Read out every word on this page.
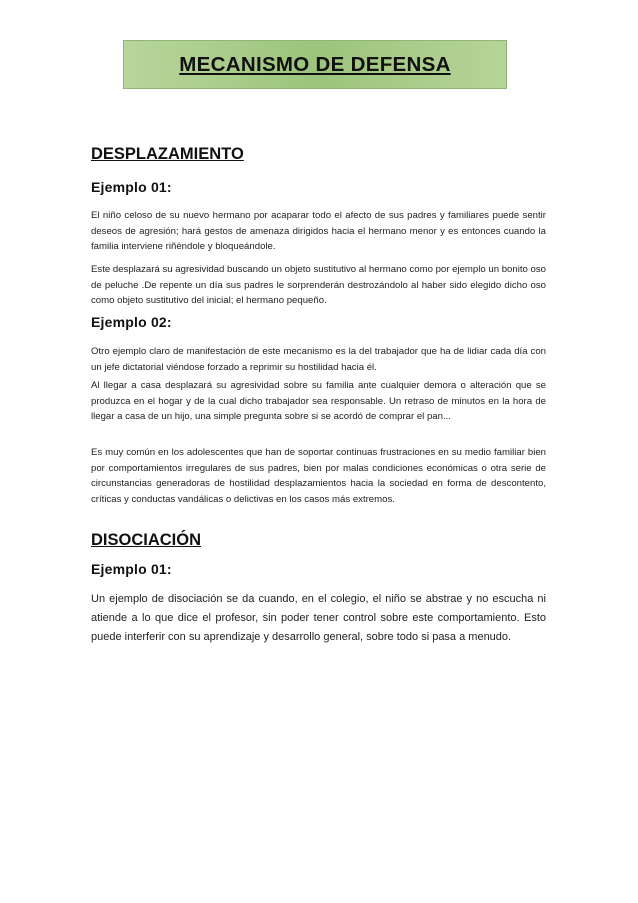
MECANISMO DE DEFENSA
DESPLAZAMIENTO
Ejemplo 01:

El niño celoso de su nuevo hermano por acaparar todo el afecto de sus padres y familiares puede sentir deseos de agresión; hará gestos de amenaza dirigidos hacia el hermano menor y es entonces cuando la familia interviene riñéndole y bloqueándole.

Este desplazará su agresividad buscando un objeto sustitutivo al hermano como por ejemplo un bonito oso de peluche .De repente un día sus padres le sorprenderán destrozándolo al haber sido elegido dicho oso como objeto sustitutivo del inicial; el hermano pequeño.

Ejemplo 02:

Otro ejemplo claro de manifestación de este mecanismo es la del trabajador que ha de lidiar cada día con un jefe dictatorial viéndose forzado a reprimir su hostilidad hacia él.

Al llegar a casa desplazará su agresividad sobre su familia ante cualquier demora o alteración que se produzca en el hogar y de la cual dicho trabajador sea responsable. Un retraso de minutos en la hora de llegar a casa de un hijo, una simple pregunta sobre si se acordó de comprar el pan...

Es muy común en los adolescentes que han de soportar continuas frustraciones en su medio familiar bien por comportamientos irregulares de sus padres, bien por malas condiciones económicas o otra serie de circunstancias generadoras de hostilidad desplazamientos hacia la sociedad en forma de descontento, críticas y conductas vandálicas o delictivas en los casos más extremos.

DISOCIACIÓN
Ejemplo 01:

Un ejemplo de disociación se da cuando, en el colegio, el niño se abstrae y no escucha ni atiende a lo que dice el profesor, sin poder tener control sobre este comportamiento. Esto puede interferir con su aprendizaje y desarrollo general, sobre todo si pasa a menudo.
